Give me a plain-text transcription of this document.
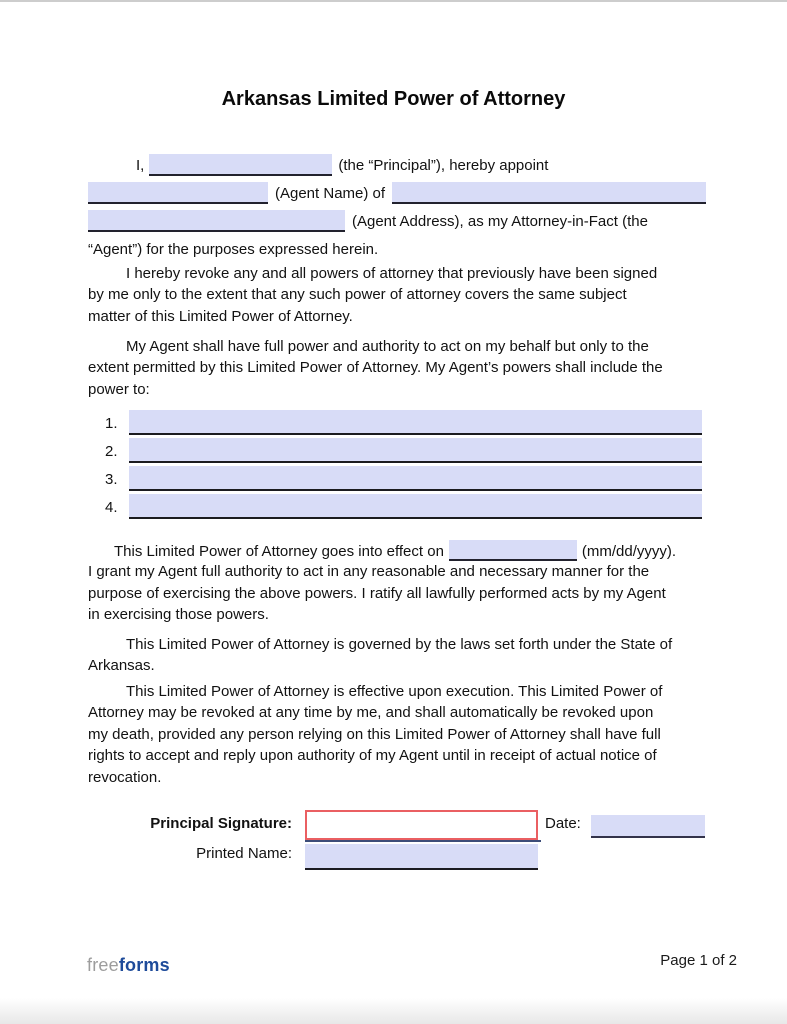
Arkansas Limited Power of Attorney
I,	(the “Principal”), hereby appoint
(Agent Name) of
(Agent Address), as my Attorney-in-Fact (the
“Agent”) for the purposes expressed herein.
I hereby revoke any and all powers of attorney that previously have been signed
by me only to the extent that any such power of attorney covers the same subject
matter of this Limited Power of Attorney.
My Agent shall have full power and authority to act on my behalf but only to the
extent permitted by this Limited Power of Attorney. My Agent’s powers shall include the
power to:
1.
2.
3.
4.
This Limited Power of Attorney goes into effect on	(mm/dd/yyyy).
I grant my Agent full authority to act in any reasonable and necessary manner for the
purpose of exercising the above powers. I ratify all lawfully performed acts by my Agent
in exercising those powers.
This Limited Power of Attorney is governed by the laws set forth under the State of
Arkansas.
This Limited Power of Attorney is effective upon execution. This Limited Power of
Attorney may be revoked at any time by me, and shall automatically be revoked upon
my death, provided any person relying on this Limited Power of Attorney shall have full
rights to accept and reply upon authority of my Agent until in receipt of actual notice of
revocation.
Principal Signature:	Date:
Printed Name:
freeforms	Page 1 of 2
